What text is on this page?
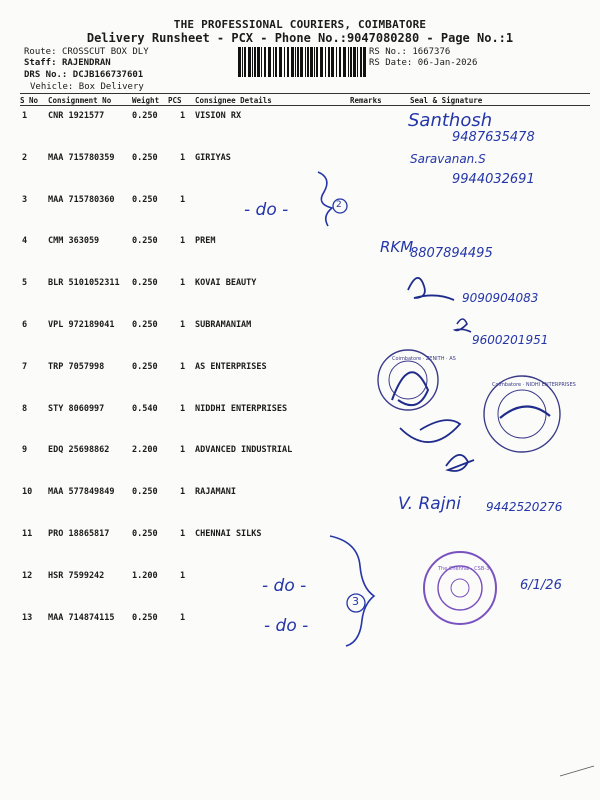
THE PROFESSIONAL COURIERS, COIMBATORE
Delivery Runsheet - PCX - Phone No.:9047080280 - Page No.:1
Route: CROSSCUT BOX DLY
Staff: RAJENDRAN
DRS No.: DCJB166737601
Vehicle: Box Delivery
RS No.: 1667376
RS Date: 06-Jan-2026
S No Consignment No	Weight PCS Consignee Details	Remarks	Seal & Signature
1 CNR 1921577	0.250	1 VISION RX
2 MAA 715780359 0.250	1 GIRIYAS
3 MAA 715780360 0.250	1
4 CMM 363059	0.250	1 PREM
5 BLR 5101052311 0.250	1 KOVAI BEAUTY
6 VPL 972189041 0.250	1 SUBRAMANIAM
7 TRP 7057998	0.250	1 AS ENTERPRISES
8 STY 8060997	0.540	1 NIDDHI ENTERPRISES
9 EDQ 25698862	2.200	1 ADVANCED INDUSTRIAL
10 MAA 577849849 0.250	1 RAJAMANI
11 PRO 18865817	0.250	1 CHENNAI SILKS
12 HSR 7599242	1.200	1
13 MAA 714874115 0.250	1
Santhosh
9487635478
Saravanan.S
9944032691
- do -	2
RKM
8807894495
9090904083
9600201951
V. Rajni 9442520276
- do -
- do -
3
6/1/26
Coimbatore · ZENITH · AS
Coimbatore · NIDHI ENTERPRISES
The Chennai · CSB-3
